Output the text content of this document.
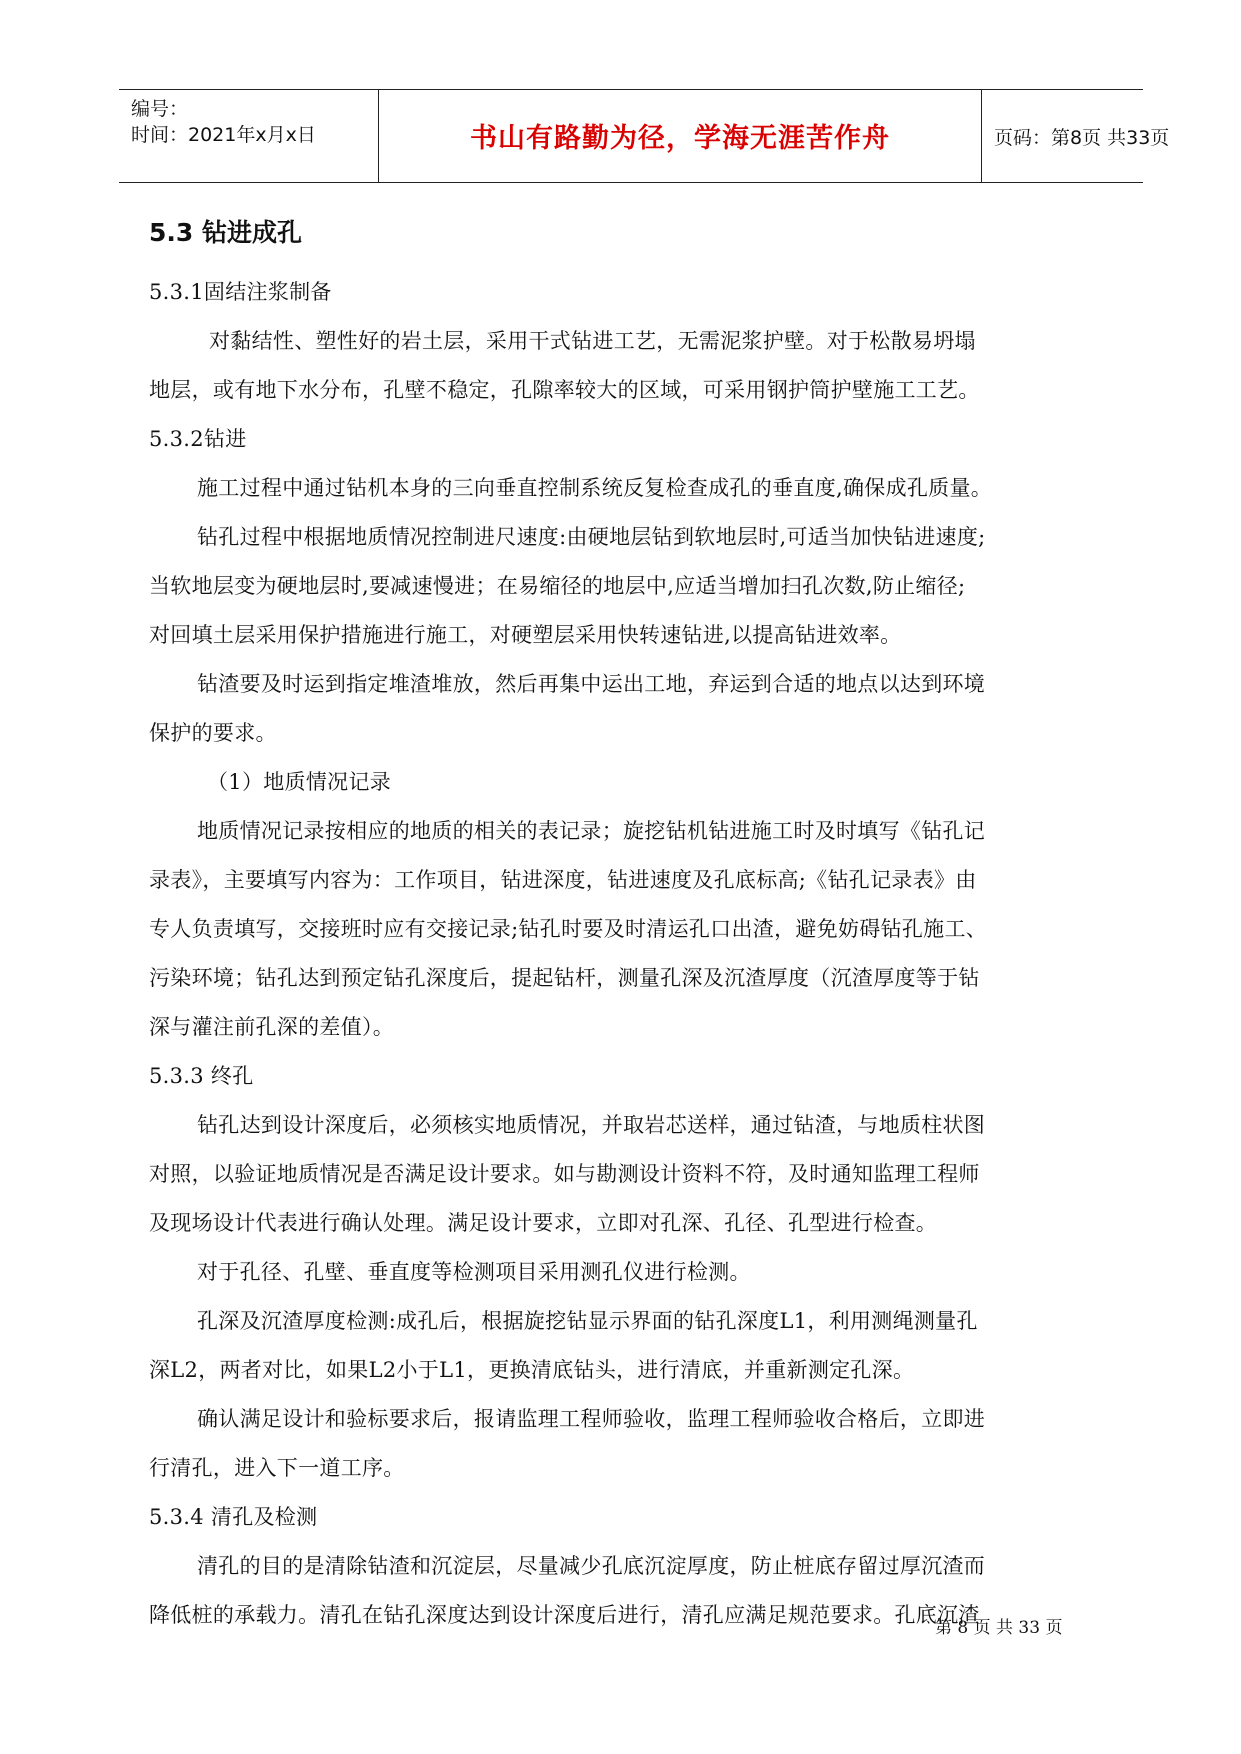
编号：
时间：2021年x月x日	书山有路勤为径，学海无涯苦作舟	页码：第8页 共33页
5.3 钻进成孔
5.3.1固结注浆制备
对黏结性、塑性好的岩土层，采用干式钻进工艺，无需泥浆护壁。对于松散易坍塌
地层，或有地下水分布，孔壁不稳定，孔隙率较大的区域，可采用钢护筒护壁施工工艺。
5.3.2钻进
施工过程中通过钻机本身的三向垂直控制系统反复检查成孔的垂直度,确保成孔质量。
钻孔过程中根据地质情况控制进尺速度:由硬地层钻到软地层时,可适当加快钻进速度;
当软地层变为硬地层时,要减速慢进；在易缩径的地层中,应适当增加扫孔次数,防止缩径;
对回填土层采用保护措施进行施工，对硬塑层采用快转速钻进,以提高钻进效率。
钻渣要及时运到指定堆渣堆放，然后再集中运出工地，弃运到合适的地点以达到环境
保护的要求。
（1）地质情况记录
地质情况记录按相应的地质的相关的表记录；旋挖钻机钻进施工时及时填写《钻孔记
录表》，主要填写内容为：工作项目，钻进深度，钻进速度及孔底标高;《钻孔记录表》由
专人负责填写，交接班时应有交接记录;钻孔时要及时清运孔口出渣，避免妨碍钻孔施工、
污染环境；钻孔达到预定钻孔深度后，提起钻杆，测量孔深及沉渣厚度（沉渣厚度等于钻
深与灌注前孔深的差值）。
5.3.3 终孔
钻孔达到设计深度后，必须核实地质情况，并取岩芯送样，通过钻渣，与地质柱状图
对照，以验证地质情况是否满足设计要求。如与勘测设计资料不符，及时通知监理工程师
及现场设计代表进行确认处理。满足设计要求，立即对孔深、孔径、孔型进行检查。
对于孔径、孔壁、垂直度等检测项目采用测孔仪进行检测。
孔深及沉渣厚度检测:成孔后，根据旋挖钻显示界面的钻孔深度L1，利用测绳测量孔
深L2，两者对比，如果L2小于L1，更换清底钻头，进行清底，并重新测定孔深。
确认满足设计和验标要求后，报请监理工程师验收，监理工程师验收合格后，立即进
行清孔，进入下一道工序。
5.3.4 清孔及检测
清孔的目的是清除钻渣和沉淀层，尽量减少孔底沉淀厚度，防止桩底存留过厚沉渣而
降低桩的承载力。清孔在钻孔深度达到设计深度后进行，清孔应满足规范要求。孔底沉渣
第 8 页 共 33 页
